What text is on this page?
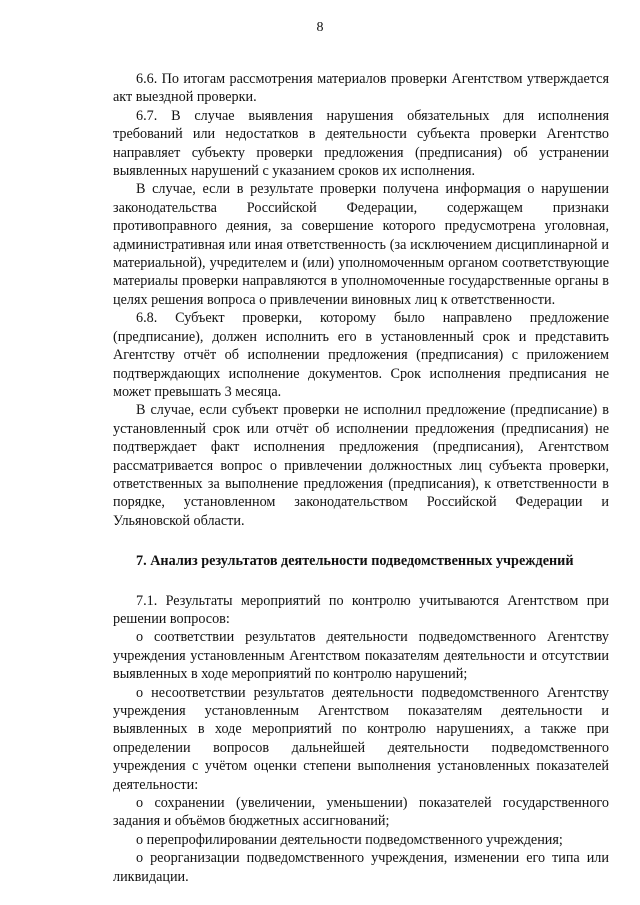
8

6.6. По итогам рассмотрения материалов проверки Агентством утверждается акт выездной проверки.

6.7. В случае выявления нарушения обязательных для исполнения требований или недостатков в деятельности субъекта проверки Агентство направляет субъекту проверки предложения (предписания) об устранении выявленных нарушений с указанием сроков их исполнения.

В случае, если в результате проверки получена информация о нарушении законодательства Российской Федерации, содержащем признаки противоправного деяния, за совершение которого предусмотрена уголовная, административная или иная ответственность (за исключением дисциплинарной и материальной), учредителем и (или) уполномоченным органом соответствующие материалы проверки направляются в уполномоченные государственные органы в целях решения вопроса о привлечении виновных лиц к ответственности.

6.8. Субъект проверки, которому было направлено предложение (предписание), должен исполнить его в установленный срок и представить Агентству отчёт об исполнении предложения (предписания) с приложением подтверждающих исполнение документов. Срок исполнения предписания не может превышать 3 месяца.

В случае, если субъект проверки не исполнил предложение (предписание) в установленный срок или отчёт об исполнении предложения (предписания) не подтверждает факт исполнения предложения (предписания), Агентством рассматривается вопрос о привлечении должностных лиц субъекта проверки, ответственных за выполнение предложения (предписания), к ответственности в порядке, установленном законодательством Российской Федерации и Ульяновской области.

7. Анализ результатов деятельности подведомственных учреждений

7.1. Результаты мероприятий по контролю учитываются Агентством при решении вопросов:

о соответствии результатов деятельности подведомственного Агентству учреждения установленным Агентством показателям деятельности и отсутствии выявленных в ходе мероприятий по контролю нарушений;

о несоответствии результатов деятельности подведомственного Агентству учреждения установленным Агентством показателям деятельности и выявленных в ходе мероприятий по контролю нарушениях, а также при определении вопросов дальнейшей деятельности подведомственного учреждения с учётом оценки степени выполнения установленных показателей деятельности:

о сохранении (увеличении, уменьшении) показателей государственного задания и объёмов бюджетных ассигнований;

о перепрофилировании деятельности подведомственного учреждения;

о реорганизации подведомственного учреждения, изменении его типа или ликвидации.
